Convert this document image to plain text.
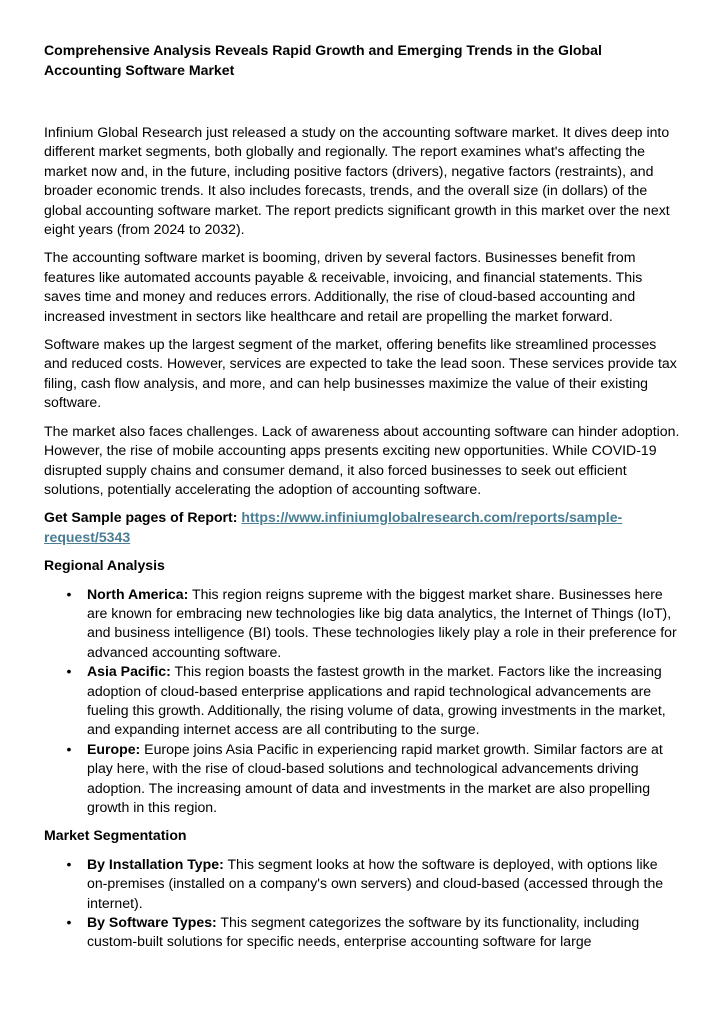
Comprehensive Analysis Reveals Rapid Growth and Emerging Trends in the Global Accounting Software Market

Infinium Global Research just released a study on the accounting software market. It dives deep into different market segments, both globally and regionally. The report examines what's affecting the market now and, in the future, including positive factors (drivers), negative factors (restraints), and broader economic trends. It also includes forecasts, trends, and the overall size (in dollars) of the global accounting software market. The report predicts significant growth in this market over the next eight years (from 2024 to 2032).

The accounting software market is booming, driven by several factors. Businesses benefit from features like automated accounts payable & receivable, invoicing, and financial statements. This saves time and money and reduces errors. Additionally, the rise of cloud-based accounting and increased investment in sectors like healthcare and retail are propelling the market forward.

Software makes up the largest segment of the market, offering benefits like streamlined processes and reduced costs. However, services are expected to take the lead soon. These services provide tax filing, cash flow analysis, and more, and can help businesses maximize the value of their existing software.

The market also faces challenges. Lack of awareness about accounting software can hinder adoption. However, the rise of mobile accounting apps presents exciting new opportunities. While COVID-19 disrupted supply chains and consumer demand, it also forced businesses to seek out efficient solutions, potentially accelerating the adoption of accounting software.

Get Sample pages of Report: https://www.infiniumglobalresearch.com/reports/sample-request/5343

Regional Analysis
• North America: This region reigns supreme with the biggest market share. Businesses here are known for embracing new technologies like big data analytics, the Internet of Things (IoT), and business intelligence (BI) tools. These technologies likely play a role in their preference for advanced accounting software.
• Asia Pacific: This region boasts the fastest growth in the market. Factors like the increasing adoption of cloud-based enterprise applications and rapid technological advancements are fueling this growth. Additionally, the rising volume of data, growing investments in the market, and expanding internet access are all contributing to the surge.
• Europe: Europe joins Asia Pacific in experiencing rapid market growth. Similar factors are at play here, with the rise of cloud-based solutions and technological advancements driving adoption. The increasing amount of data and investments in the market are also propelling growth in this region.
Market Segmentation
• By Installation Type: This segment looks at how the software is deployed, with options like on-premises (installed on a company's own servers) and cloud-based (accessed through the internet).
• By Software Types: This segment categorizes the software by its functionality, including custom-built solutions for specific needs, enterprise accounting software for large
